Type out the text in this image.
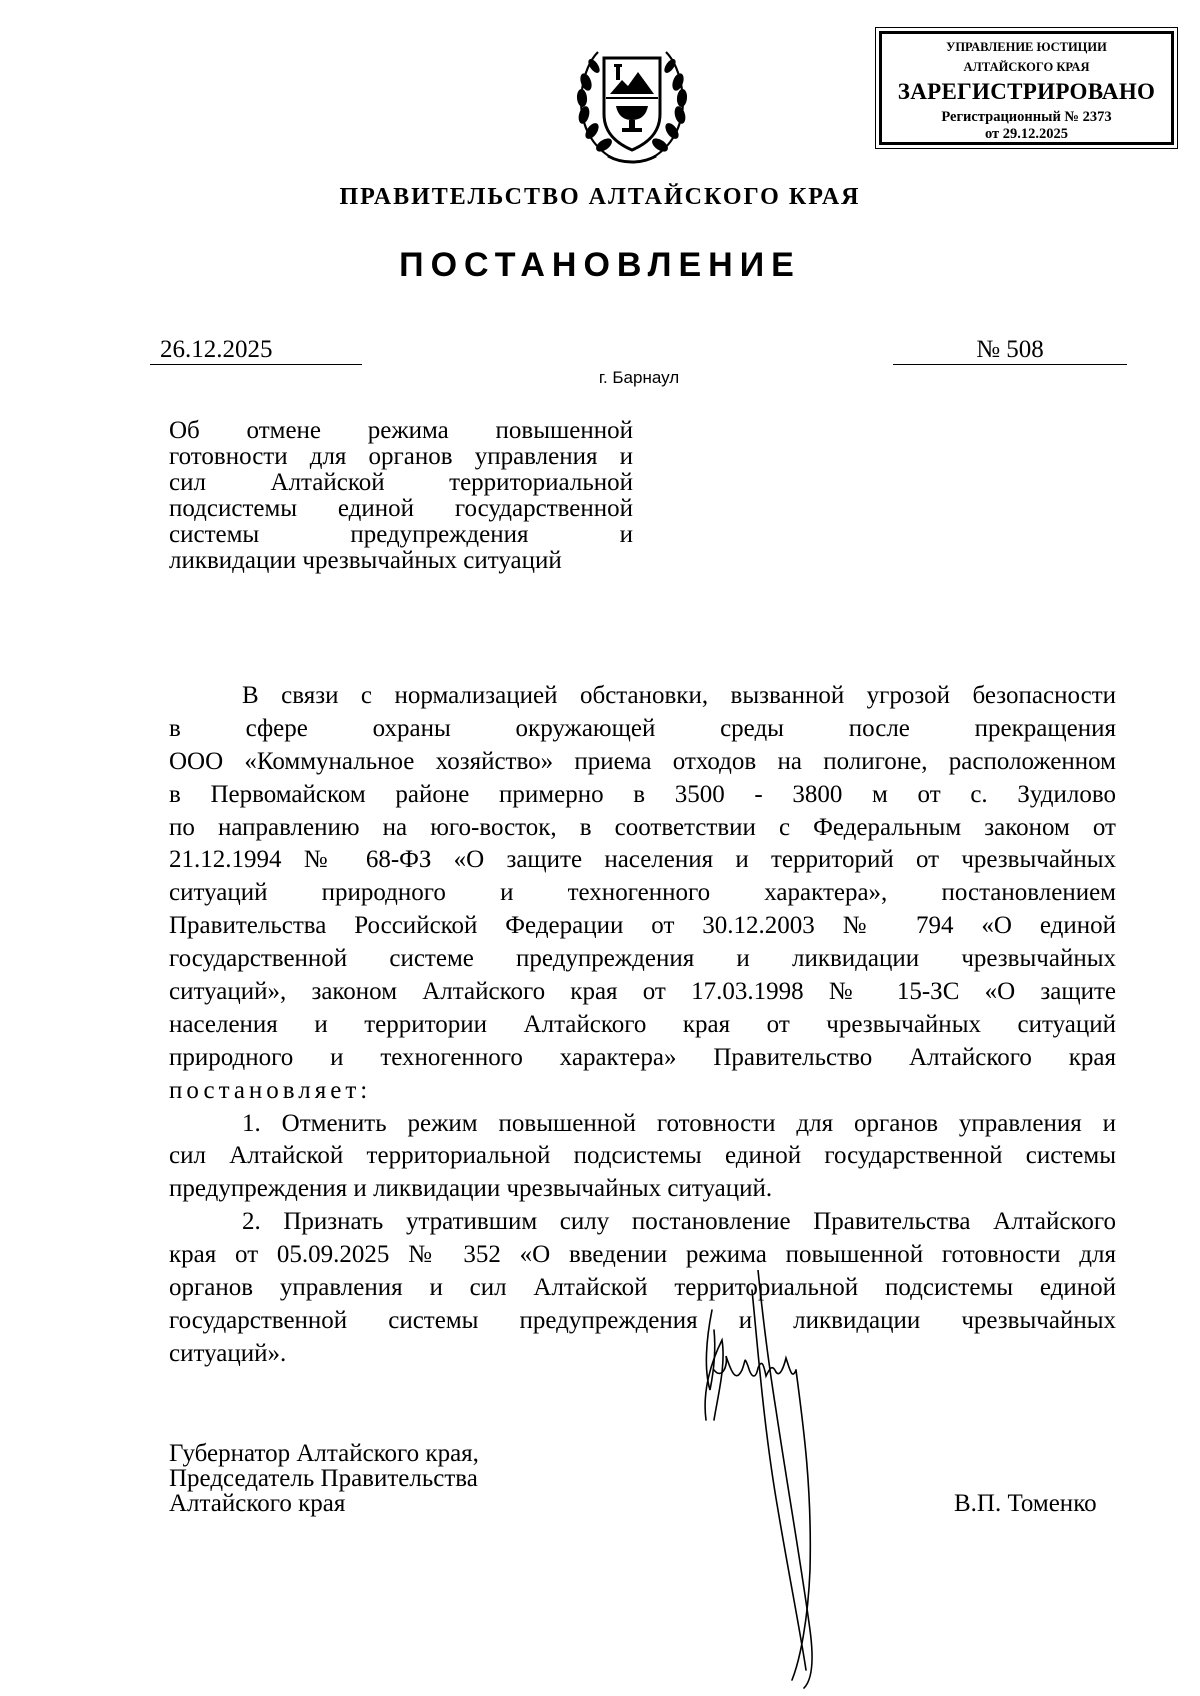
УПРАВЛЕНИЕ ЮСТИЦИИ
АЛТАЙСКОГО КРАЯ
ЗАРЕГИСТРИРОВАНО
Регистрационный № 2373
от 29.12.2025
ПРАВИТЕЛЬСТВО АЛТАЙСКОГО КРАЯ
ПОСТАНОВЛЕНИЕ
26.12.2025	№ 508
г. Барнаул
Об отмене режима повышенной
готовности для органов управления и
сил Алтайской территориальной
подсистемы единой государственной
системы предупреждения и
ликвидации чрезвычайных ситуаций
В связи с нормализацией обстановки, вызванной угрозой безопасности
в сфере охраны окружающей среды после прекращения
ООО «Коммунальное хозяйство» приема отходов на полигоне, расположенном
в Первомайском районе примерно в 3500 - 3800 м от с. Зудилово
по направлению на юго-восток, в соответствии с Федеральным законом от
21.12.1994 № 68-ФЗ «О защите населения и территорий от чрезвычайных
ситуаций природного и техногенного характера», постановлением
Правительства Российской Федерации от 30.12.2003 № 794 «О единой
государственной системе предупреждения и ликвидации чрезвычайных
ситуаций», законом Алтайского края от 17.03.1998 № 15-ЗС «О защите
населения и территории Алтайского края от чрезвычайных ситуаций
природного и техногенного характера» Правительство Алтайского края
постановляет:
1. Отменить режим повышенной готовности для органов управления и
сил Алтайской территориальной подсистемы единой государственной системы
предупреждения и ликвидации чрезвычайных ситуаций.
2. Признать утратившим силу постановление Правительства Алтайского
края от 05.09.2025 № 352 «О введении режима повышенной готовности для
органов управления и сил Алтайской территориальной подсистемы единой
государственной системы предупреждения и ликвидации чрезвычайных
ситуаций».
Губернатор Алтайского края,
Председатель Правительства
Алтайского края	В.П. Томенко
